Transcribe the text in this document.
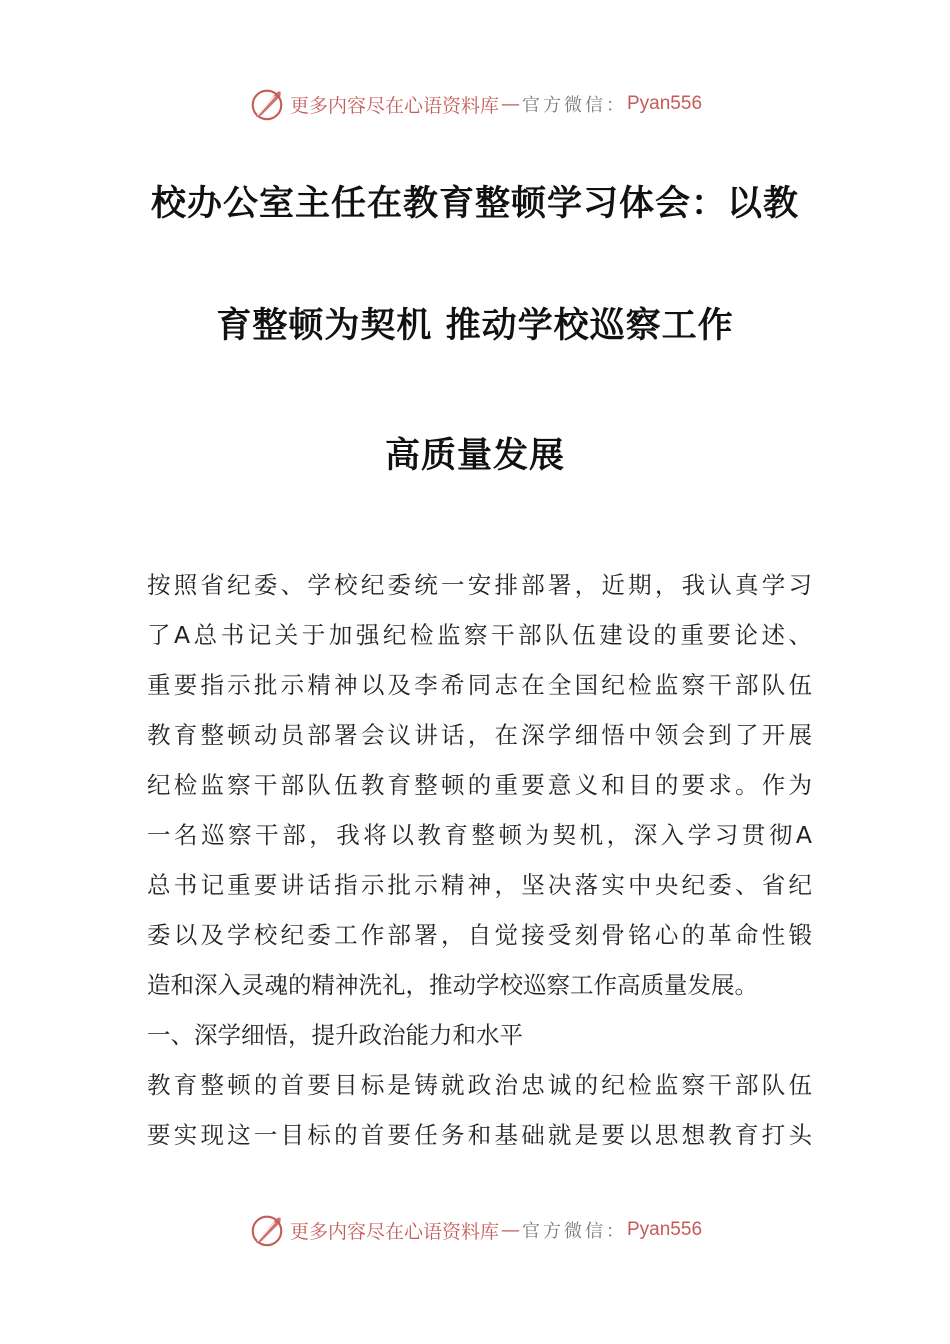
更多内容尽在心语资料库 — 官方微信： Pyan556
校办公室主任在教育整顿学习体会：以教
育整顿为契机 推动学校巡察工作
高质量发展
按照省纪委、学校纪委统一安排部署，近期，我认真学习
了A总书记关于加强纪检监察干部队伍建设的重要论述、
重要指示批示精神以及李希同志在全国纪检监察干部队伍
教育整顿动员部署会议讲话，在深学细悟中领会到了开展
纪检监察干部队伍教育整顿的重要意义和目的要求。作为
一名巡察干部，我将以教育整顿为契机，深入学习贯彻A
总书记重要讲话指示批示精神，坚决落实中央纪委、省纪
委以及学校纪委工作部署，自觉接受刻骨铭心的革命性锻
造和深入灵魂的精神洗礼，推动学校巡察工作高质量发展。
一、深学细悟，提升政治能力和水平
教育整顿的首要目标是铸就政治忠诚的纪检监察干部队伍
要实现这一目标的首要任务和基础就是要以思想教育打头
更多内容尽在心语资料库 — 官方微信： Pyan556
